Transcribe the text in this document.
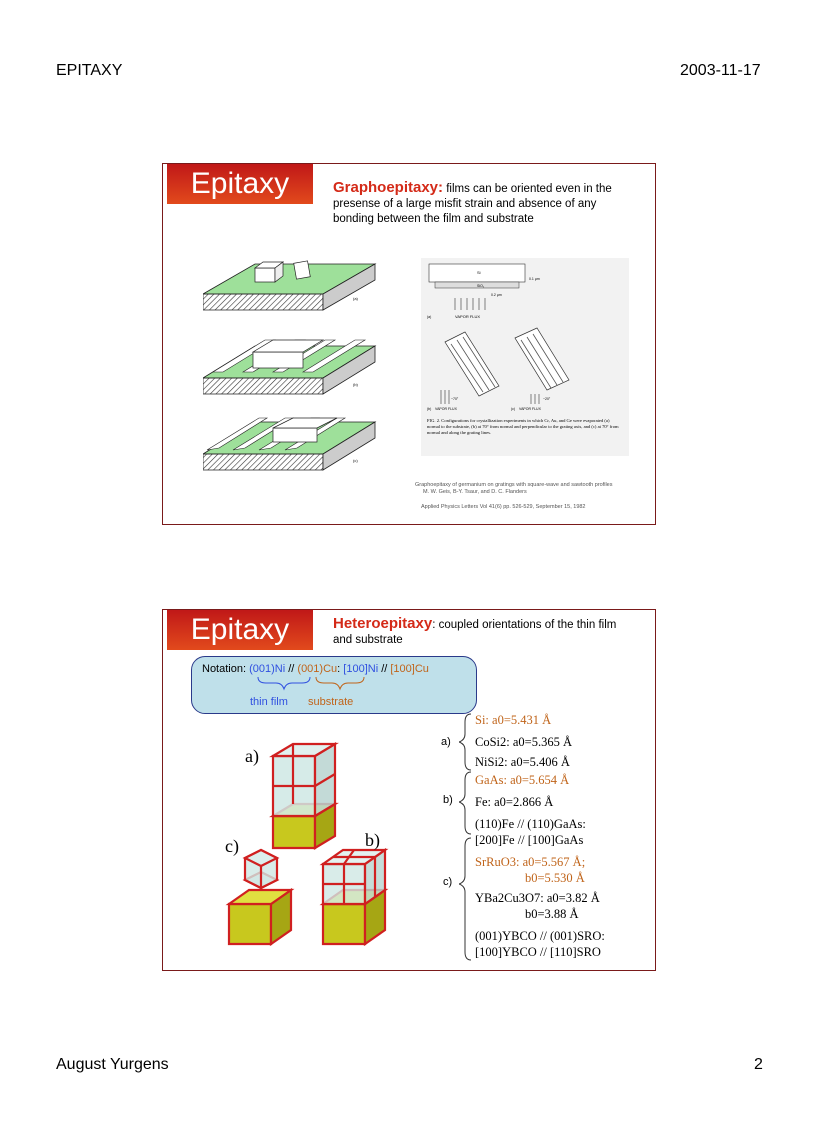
EPITAXY	2003-11-17
Epitaxy	Graphoepitaxy: films can be oriented even in the presense of a large misfit strain and absence of any bonding between the film and substrate
(a)
(b)
(c)
Si
SiO₂
0.1 μm
0.2 μm
(a)	VAPOR FLUX
~70°	~20°
(b) VAPOR FLUX	(c) VAPOR FLUX
FIG. 2. Configurations for crystallization experiments in which Cr, Au, and Ge were evaporated (a) normal to the substrate, (b) at 70° from normal and perpendicular to the grating axis, and (c) at 70° from normal and along the grating lines.
Graphoepitaxy of germanium on gratings with square-wave and sawtooth profiles
M. W. Geis, B-Y. Tsaur, and D. C. Flanders
Applied Physics Letters Vol 41(6) pp. 526-529, September 15, 1982
Epitaxy	Heteroepitaxy: coupled orientations of the thin film and substrate
Notation: (001)Ni // (001)Cu: [100]Ni // [100]Cu
thin film substrate
a)
c)	b)
a)
b)
c)
Si: a0=5.431 Å
CoSi2: a0=5.365 Å
NiSi2: a0=5.406 Å
GaAs: a0=5.654 Å
Fe: a0=2.866 Å
(110)Fe // (110)GaAs:
[200]Fe // [100]GaAs
SrRuO3: a0=5.567 Å;
b0=5.530 Å
YBa2Cu3O7: a0=3.82 Å
b0=3.88 Å
(001)YBCO // (001)SRO:
[100]YBCO // [110]SRO
August Yurgens	2
